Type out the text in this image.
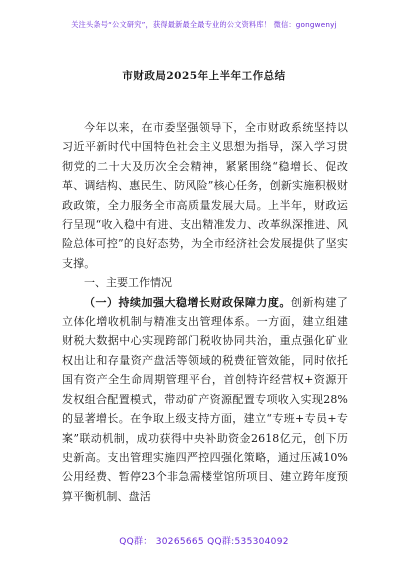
关注头条号“公文研究”，获得最新最全最专业的公文资料库！ 微信：gongwenyj
市财政局2025年上半年工作总结

今年以来，在市委坚强领导下，全市财政系统坚持以习近平新时代中国特色社会主义思想为指导，深入学习贯彻党的二十大及历次全会精神，紧紧围绕“稳增长、促改革、调结构、惠民生、防风险”核心任务，创新实施积极财政政策，全力服务全市高质量发展大局。上半年，财政运行呈现“收入稳中有进、支出精准发力、改革纵深推进、风险总体可控”的良好态势，为全市经济社会发展提供了坚实支撑。

一、主要工作情况

（一）持续加强大稳增长财政保障力度。创新构建了立体化增收机制与精准支出管理体系。一方面，建立组建财税大数据中心实现跨部门税收协同共治，重点强化矿业权出让和存量资产盘活等领域的税费征管效能，同时依托国有资产全生命周期管理平台，首创特许经营权+资源开发权组合配置模式，带动矿产资源配置专项收入实现28%的显著增长。在争取上级支持方面，建立“专班+专员+专案”联动机制，成功获得中央补助资金2618亿元，创下历史新高。支出管理实施四严控四强化策略，通过压减10%公用经费、暂停23个非急需楼堂馆所项目、建立跨年度预算平衡机制、盘活

QQ群： 30265665 QQ群:535304092
